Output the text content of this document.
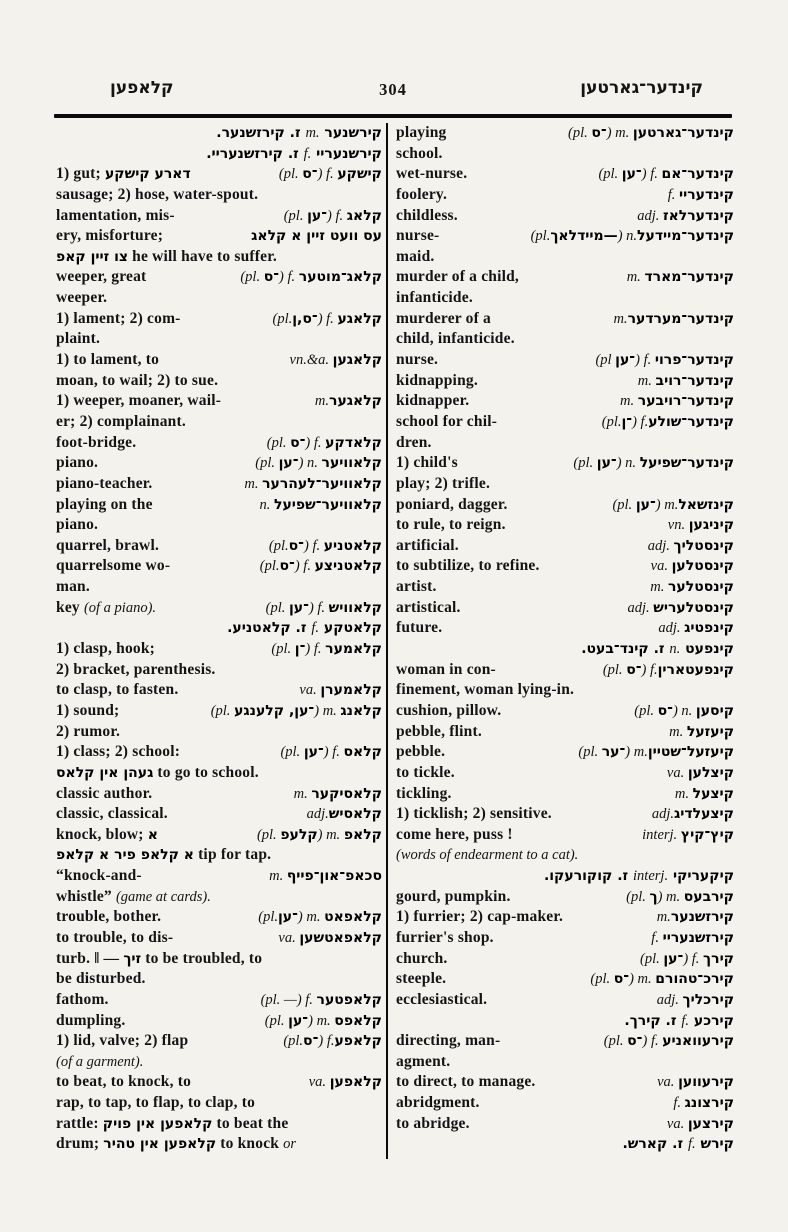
קלאפען	304	קינדער־גארטען
קירשנער m. ז. קירזשנער.
קירשנעריי f. ז. קירזשנעריי.
1) gut; דארע קישקע	(pl. ־ס) f. קישקע
sausage; 2) hose, water-spout.
lamentation, mis-	(pl. ־ען) f. קלאג
ery, misforture;	עס וועט זיין א קלאג
צו זיין קאפ he will have to suffer.
weeper, great	(pl. ־ס) f. קלאג־מוטער
weeper.
1) lament; 2) com-	(pl.־ס,ן) f. קלאגע
plaint.
1) to lament, to	vn.&a. קלאגען
moan, to wail; 2) to sue.
1) weeper, moaner, wail-	m.קלאגער
er; 2) complainant.
foot-bridge.	(pl. ־ס) f. קלאדקע
piano.	(pl. ־ען) n. קלאוויער
piano-teacher.	m. קלאוויער־לעהרער
playing on the	n. קלאוויער־שפיעל
piano.
quarrel, brawl.	(pl.־ס) f. קלאטניע
quarrelsome wo-	(pl.־ס) f. קלאטניצע
man.
key (of a piano).	(pl. ־ען) f. קלאוויש
קלאטקע f. ז. קלאטניע.
1) clasp, hook;	(pl. ־ן) f. קלאמער
2) bracket, parenthesis.
to clasp, to fasten.	va. קלאמערן
1) sound;	(pl. ־ען, קלענגע) m. קלאנג
2) rumor.
1) class; 2) school:	(pl. ־ען) f. קלאס
געהן אין קלאס to go to school.
classic author.	m. קלאסיקער
classic, classical.	adj.קלאסיש
knock, blow; א	(pl. קלעפ) m. קלאפ
א קלאפ פיר א קלאפ tip for tap.
“knock-and-	m. סכאפ־און־פייף
whistle” (game at cards).
trouble, bother.	(pl.־ען) m. קלאפאט
to trouble, to dis-	va. קלאפאטשען
turb. ‖ — זיך to be troubled, to
be disturbed.
fathom.	(pl. —) f. קלאפטער
dumpling.	(pl. ־ען) m. קלאפס
1) lid, valve; 2) flap	(pl.־ס) f.קלאפע
(of a garment).
to beat, to knock, to	va. קלאפען
rap, to tap, to flap, to clap, to
rattle: קלאפען אין פויק to beat the
drum; קלאפען אין טהיר to knock or
playing	(pl. ־ס) m. קינדער־גארטען
school.
wet-nurse.	(pl. ־ען) f. קינדער־אם
foolery.	f. קינדעריי
childless.	adj. קינדערלאז
nurse-	(pl.—מיידלאך) n.קינדער־מיידעל
maid.
murder of a child,	m. קינדער־מארד
infanticide.
murderer of a	m.קינדער־מערדער
child, infanticide.
nurse.	(pl ־ען) f. קינדער־פרוי
kidnapping.	m. קינדער־רויב
kidnapper.	m. קינדער־רויבער
school for chil-	(pl.־ן) f.קינדער־שולע
dren.
1) child's	(pl. ־ען) n. קינדער־שפיעל
play; 2) trifle.
poniard, dagger.	(pl. ־ען) m.קינזשאל
to rule, to reign.	vn. קיניגען
artificial.	adj. קינסטליך
to subtilize, to refine.	va. קינסטלען
artist.	m. קינסטלער
artistical.	adj. קינסטלעריש
future.	adj. קינפטיג
קינפעט n. ז. קינד־בעט.
woman in con-	(pl. ־ס) f.קינפעטארין
finement, woman lying-in.
cushion, pillow.	(pl. ־ס) n. קיסען
pebble, flint.	m. קיעזעל
pebble.	(pl. ־ער) m.קיעזעל־שטיין
to tickle.	va. קיצלען
tickling.	m. קיצעל
1) ticklish; 2) sensitive.	adj.קיצעלדיג
come here, puss !	interj. קיץ־קיץ
(words of endearment to a cat).
קיקעריקי interj. ז. קוקורעקו.
gourd, pumpkin.	(pl. ך) m. קירבעס
1) furrier; 2) cap-maker.	m.קירזשנער
furrier's shop.	f. קירזשנעריי
church.	(pl. ־ען) f. קירך
steeple.	(pl. ־ס) m. קירכ־טהורם
ecclesiastical.	adj. קירכליך
קירכע f. ז. קירך.
directing, man-	(pl. ־ס) f. קירעוואניע
agment.
to direct, to manage.	va. קירעווען
abridgment.	f. קירצונג
to abridge.	va. קירצען
קירש f. ז. קארש.
